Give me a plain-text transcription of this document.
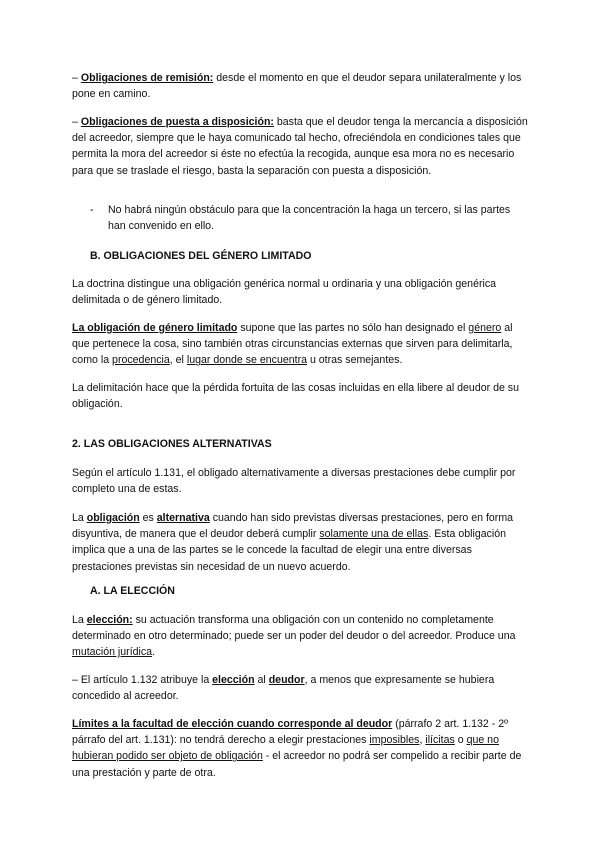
– Obligaciones de remisión: desde el momento en que el deudor separa unilateralmente y los pone en camino.

– Obligaciones de puesta a disposición: basta que el deudor tenga la mercancía a disposición del acreedor, siempre que le haya comunicado tal hecho, ofreciéndola en condiciones tales que permita la mora del acreedor si éste no efectúa la recogida, aunque esa mora no es necesario para que se traslade el riesgo, basta la separación con puesta a disposición.

- No habrá ningún obstáculo para que la concentración la haga un tercero, si las partes han convenido en ello.

B. OBLIGACIONES DEL GÉNERO LIMITADO

La doctrina distingue una obligación genérica normal u ordinaria y una obligación genérica delimitada o de género limitado.

La obligación de género limitado supone que las partes no sólo han designado el género al que pertenece la cosa, sino también otras circunstancias externas que sirven para delimitarla, como la procedencia, el lugar donde se encuentra u otras semejantes.

La delimitación hace que la pérdida fortuita de las cosas incluidas en ella libere al deudor de su obligación.

2. LAS OBLIGACIONES ALTERNATIVAS

Según el artículo 1.131, el obligado alternativamente a diversas prestaciones debe cumplir por completo una de estas.

La obligación es alternativa cuando han sido previstas diversas prestaciones, pero en forma disyuntiva, de manera que el deudor deberá cumplir solamente una de ellas. Esta obligación implica que a una de las partes se le concede la facultad de elegir una entre diversas prestaciones previstas sin necesidad de un nuevo acuerdo.

A. LA ELECCIÓN

La elección: su actuación transforma una obligación con un contenido no completamente determinado en otro determinado; puede ser un poder del deudor o del acreedor. Produce una mutación jurídica.

– El artículo 1.132 atribuye la elección al deudor, a menos que expresamente se hubiera concedido al acreedor.

Límites a la facultad de elección cuando corresponde al deudor (párrafo 2 art. 1.132 - 2º párrafo del art. 1.131): no tendrá derecho a elegir prestaciones imposibles, ilícitas o que no hubieran podido ser objeto de obligación - el acreedor no podrá ser compelido a recibir parte de una prestación y parte de otra.
